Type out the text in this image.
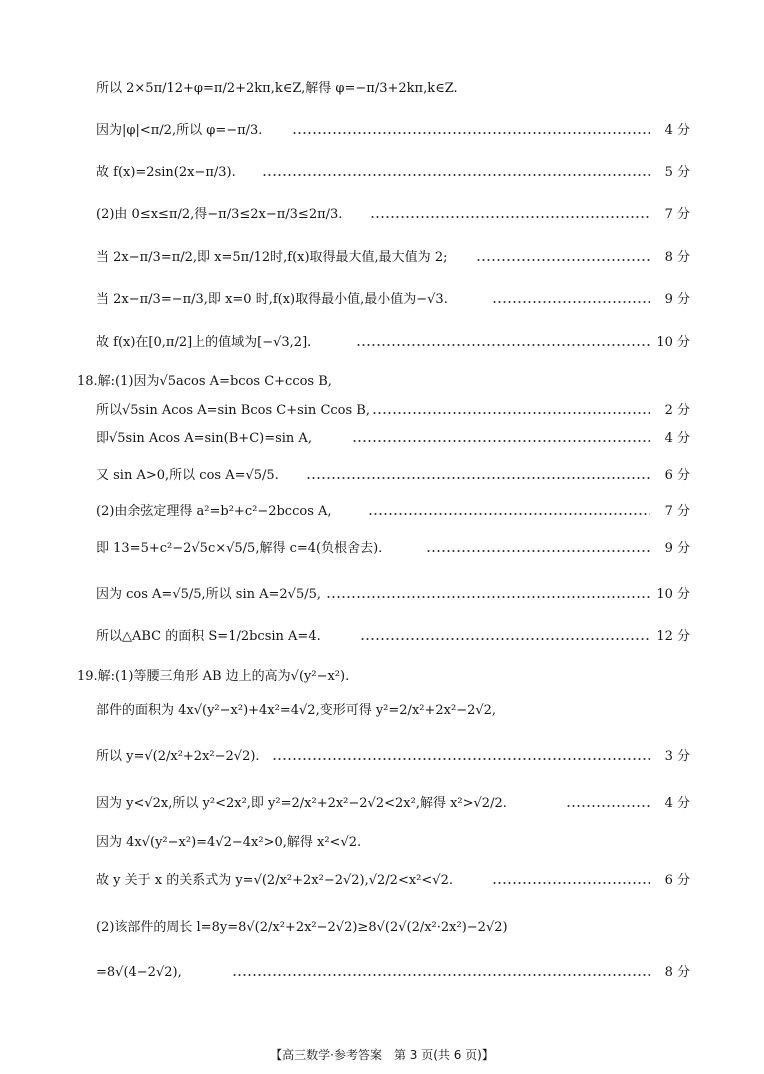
所以 2×5π/12+φ=π/2+2kπ,k∈Z,解得 φ=−π/3+2kπ,k∈Z.
因为|φ|<π/2,所以 φ=−π/3.	4 分
故 f(x)=2sin(2x−π/3).	5 分
(2)由 0≤x≤π/2,得−π/3≤2x−π/3≤2π/3.	7 分
当 2x−π/3=π/2,即 x=5π/12时,f(x)取得最大值,最大值为 2;	8 分
当 2x−π/3=−π/3,即 x=0 时,f(x)取得最小值,最小值为−√3.	9 分
故 f(x)在[0,π/2]上的值域为[−√3,2].	10 分
18.解:(1)因为√5acos A=bcos C+ccos B,
所以√5sin Acos A=sin Bcos C+sin Ccos B,	2 分
即√5sin Acos A=sin(B+C)=sin A,	4 分
又 sin A>0,所以 cos A=√5/5.	6 分
(2)由余弦定理得 a²=b²+c²−2bccos A,	7 分
即 13=5+c²−2√5c×√5/5,解得 c=4(负根舍去).	9 分
因为 cos A=√5/5,所以 sin A=2√5/5,	10 分
所以△ABC 的面积 S=1/2bcsin A=4.	12 分
19.解:(1)等腰三角形 AB 边上的高为√(y²−x²).
部件的面积为 4x√(y²−x²)+4x²=4√2,变形可得 y²=2/x²+2x²−2√2,
所以 y=√(2/x²+2x²−2√2).	3 分
因为 y<√2x,所以 y²<2x²,即 y²=2/x²+2x²−2√2<2x²,解得 x²>√2/2.	4 分
因为 4x√(y²−x²)=4√2−4x²>0,解得 x²<√2.
故 y 关于 x 的关系式为 y=√(2/x²+2x²−2√2),√2/2<x²<√2.	6 分
(2)该部件的周长 l=8y=8√(2/x²+2x²−2√2)≥8√(2√(2/x²·2x²)−2√2)
=8√(4−2√2),	8 分
【高三数学·参考答案　第 3 页(共 6 页)】
